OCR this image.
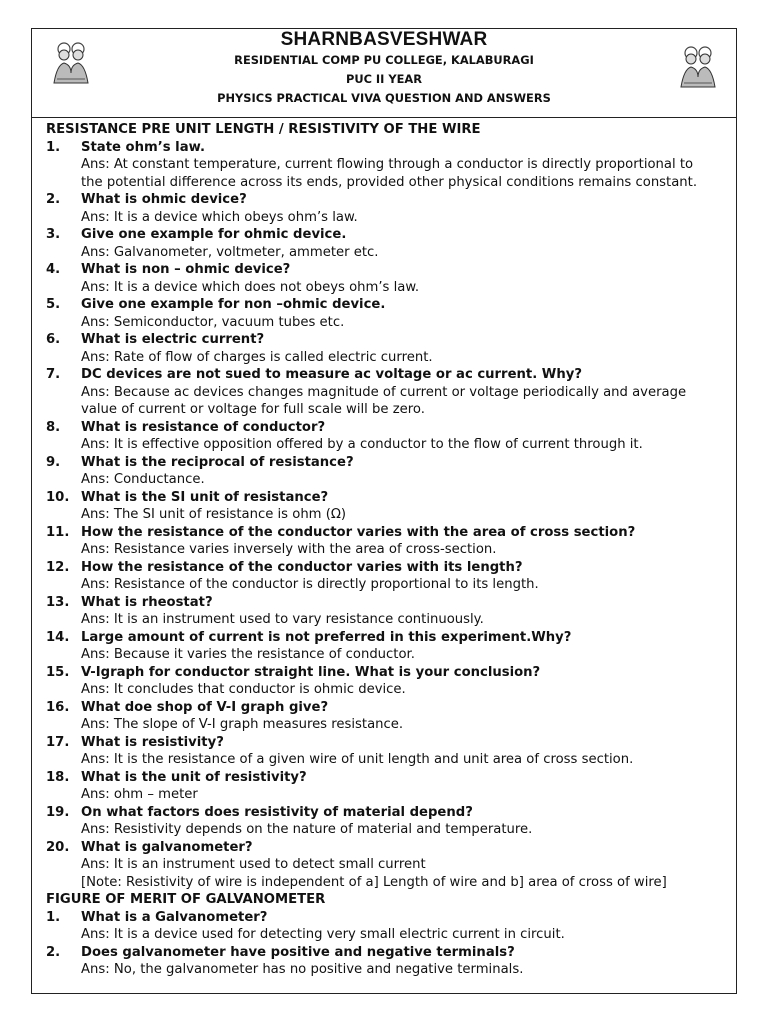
SHARNBASVESHWAR
RESIDENTIAL COMP PU COLLEGE, KALABURAGI
PUC II YEAR
PHYSICS PRACTICAL VIVA QUESTION AND ANSWERS
RESISTANCE PRE UNIT LENGTH / RESISTIVITY OF THE WIRE
1. State ohm’s law.
Ans: At constant temperature, current flowing through a conductor is directly proportional to
the potential difference across its ends, provided other physical conditions remains constant.
2. What is ohmic device?
Ans: It is a device which obeys ohm’s law.
3. Give one example for ohmic device.
Ans: Galvanometer, voltmeter, ammeter etc.
4. What is non – ohmic device?
Ans: It is a device which does not obeys ohm’s law.
5. Give one example for non –ohmic device.
Ans: Semiconductor, vacuum tubes etc.
6. What is electric current?
Ans: Rate of flow of charges is called electric current.
7. DC devices are not sued to measure ac voltage or ac current. Why?
Ans: Because ac devices changes magnitude of current or voltage periodically and average
value of current or voltage for full scale will be zero.
8. What is resistance of conductor?
Ans: It is effective opposition offered by a conductor to the flow of current through it.
9. What is the reciprocal of resistance?
Ans: Conductance.
10. What is the SI unit of resistance?
Ans: The SI unit of resistance is ohm (Ω)
11. How the resistance of the conductor varies with the area of cross section?
Ans: Resistance varies inversely with the area of cross-section.
12. How the resistance of the conductor varies with its length?
Ans: Resistance of the conductor is directly proportional to its length.
13. What is rheostat?
Ans: It is an instrument used to vary resistance continuously.
14. Large amount of current is not preferred in this experiment.Why?
Ans: Because it varies the resistance of conductor.
15. V-Igraph for conductor straight line. What is your conclusion?
Ans: It concludes that conductor is ohmic device.
16. What doe shop of V-I graph give?
Ans: The slope of V-I graph measures resistance.
17. What is resistivity?
Ans: It is the resistance of a given wire of unit length and unit area of cross section.
18. What is the unit of resistivity?
Ans: ohm – meter
19. On what factors does resistivity of material depend?
Ans: Resistivity depends on the nature of material and temperature.
20. What is galvanometer?
Ans: It is an instrument used to detect small current
[Note: Resistivity of wire is independent of a] Length of wire and b] area of cross of wire]
FIGURE OF MERIT OF GALVANOMETER
1. What is a Galvanometer?
Ans: It is a device used for detecting very small electric current in circuit.
2. Does galvanometer have positive and negative terminals?
Ans: No, the galvanometer has no positive and negative terminals.
